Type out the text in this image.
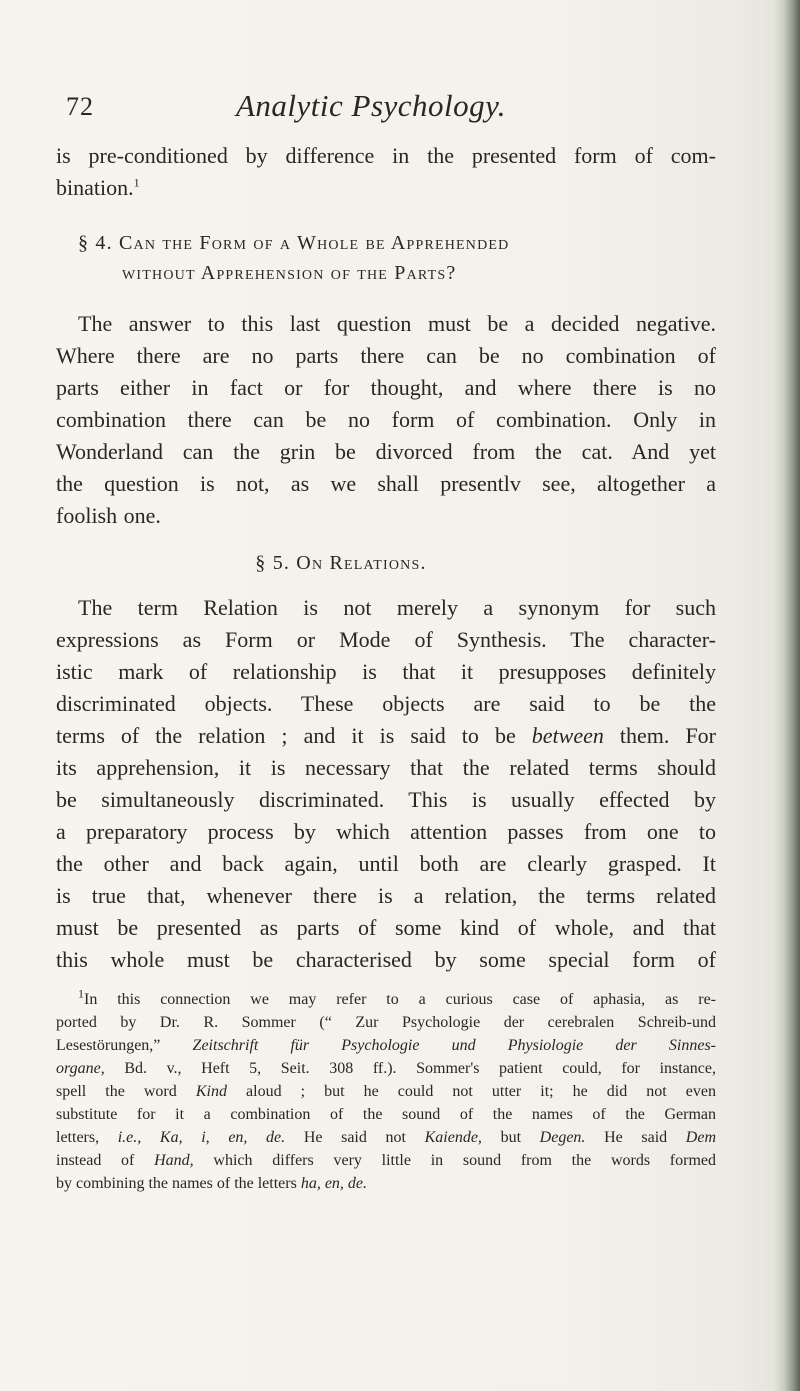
72	Analytic Psychology.
is pre-conditioned by difference in the presented form of com-
bination.$^1$
§ 4. Can the Form of a Whole be Apprehended
without Apprehension of the Parts?
The answer to this last question must be a decided negative.
Where there are no parts there can be no combination of
parts either in fact or for thought, and where there is no
combination there can be no form of combination. Only in
Wonderland can the grin be divorced from the cat. And yet
the question is not, as we shall presentlv see, altogether a
foolish one.
§ 5. On Relations.
The term Relation is not merely a synonym for such
expressions as Form or Mode of Synthesis. The character-
istic mark of relationship is that it presupposes definitely
discriminated objects. These objects are said to be the
terms of the relation ; and it is said to be between them. For
its apprehension, it is necessary that the related terms should
be simultaneously discriminated. This is usually effected by
a preparatory process by which attention passes from one to
the other and back again, until both are clearly grasped. It
is true that, whenever there is a relation, the terms related
must be presented as parts of some kind of whole, and that
this whole must be characterised by some special form of
$^1$In this connection we may refer to a curious case of aphasia, as re-
ported by Dr. R. Sommer (“ Zur Psychologie der cerebralen Schreib-und
Lesestörungen,” Zeitschrift für Psychologie und Physiologie der Sinnes-
organe, Bd. v., Heft 5, Seit. 308 ff.). Sommer's patient could, for instance,
spell the word Kind aloud ; but he could not utter it; he did not even
substitute for it a combination of the sound of the names of the German
letters, i.e., Ka, i, en, de. He said not Kaiende, but Degen. He said Dem
instead of Hand, which differs very little in sound from the words formed
by combining the names of the letters ha, en, de.
